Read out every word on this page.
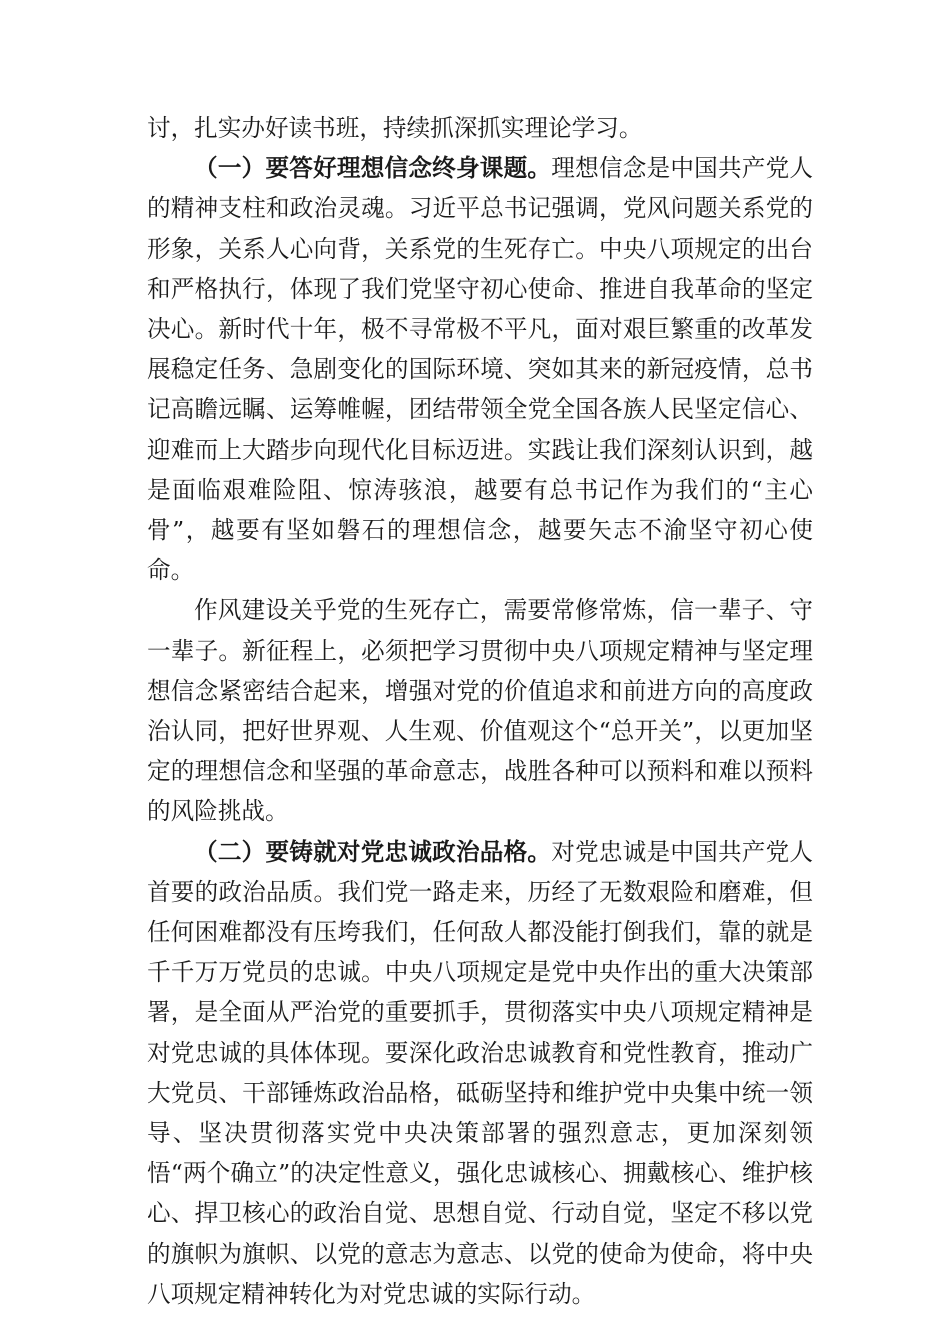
讨，扎实办好读书班，持续抓深抓实理论学习。

（一）要答好理想信念终身课题。理想信念是中国共产党人的精神支柱和政治灵魂。习近平总书记强调，党风问题关系党的形象，关系人心向背，关系党的生死存亡。中央八项规定的出台和严格执行，体现了我们党坚守初心使命、推进自我革命的坚定决心。新时代十年，极不寻常极不平凡，面对艰巨繁重的改革发展稳定任务、急剧变化的国际环境、突如其来的新冠疫情，总书记高瞻远瞩、运筹帷幄，团结带领全党全国各族人民坚定信心、迎难而上大踏步向现代化目标迈进。实践让我们深刻认识到，越是面临艰难险阻、惊涛骇浪，越要有总书记作为我们的“主心骨”，越要有坚如磐石的理想信念，越要矢志不渝坚守初心使命。

作风建设关乎党的生死存亡，需要常修常炼，信一辈子、守一辈子。新征程上，必须把学习贯彻中央八项规定精神与坚定理想信念紧密结合起来，增强对党的价值追求和前进方向的高度政治认同，把好世界观、人生观、价值观这个“总开关”，以更加坚定的理想信念和坚强的革命意志，战胜各种可以预料和难以预料的风险挑战。

（二）要铸就对党忠诚政治品格。对党忠诚是中国共产党人首要的政治品质。我们党一路走来，历经了无数艰险和磨难，但任何困难都没有压垮我们，任何敌人都没能打倒我们，靠的就是千千万万党员的忠诚。中央八项规定是党中央作出的重大决策部署，是全面从严治党的重要抓手，贯彻落实中央八项规定精神是对党忠诚的具体体现。要深化政治忠诚教育和党性教育，推动广大党员、干部锤炼政治品格，砥砺坚持和维护党中央集中统一领导、坚决贯彻落实党中央决策部署的强烈意志，更加深刻领悟“两个确立”的决定性意义，强化忠诚核心、拥戴核心、维护核心、捍卫核心的政治自觉、思想自觉、行动自觉，坚定不移以党的旗帜为旗帜、以党的意志为意志、以党的使命为使命，将中央八项规定精神转化为对党忠诚的实际行动。
